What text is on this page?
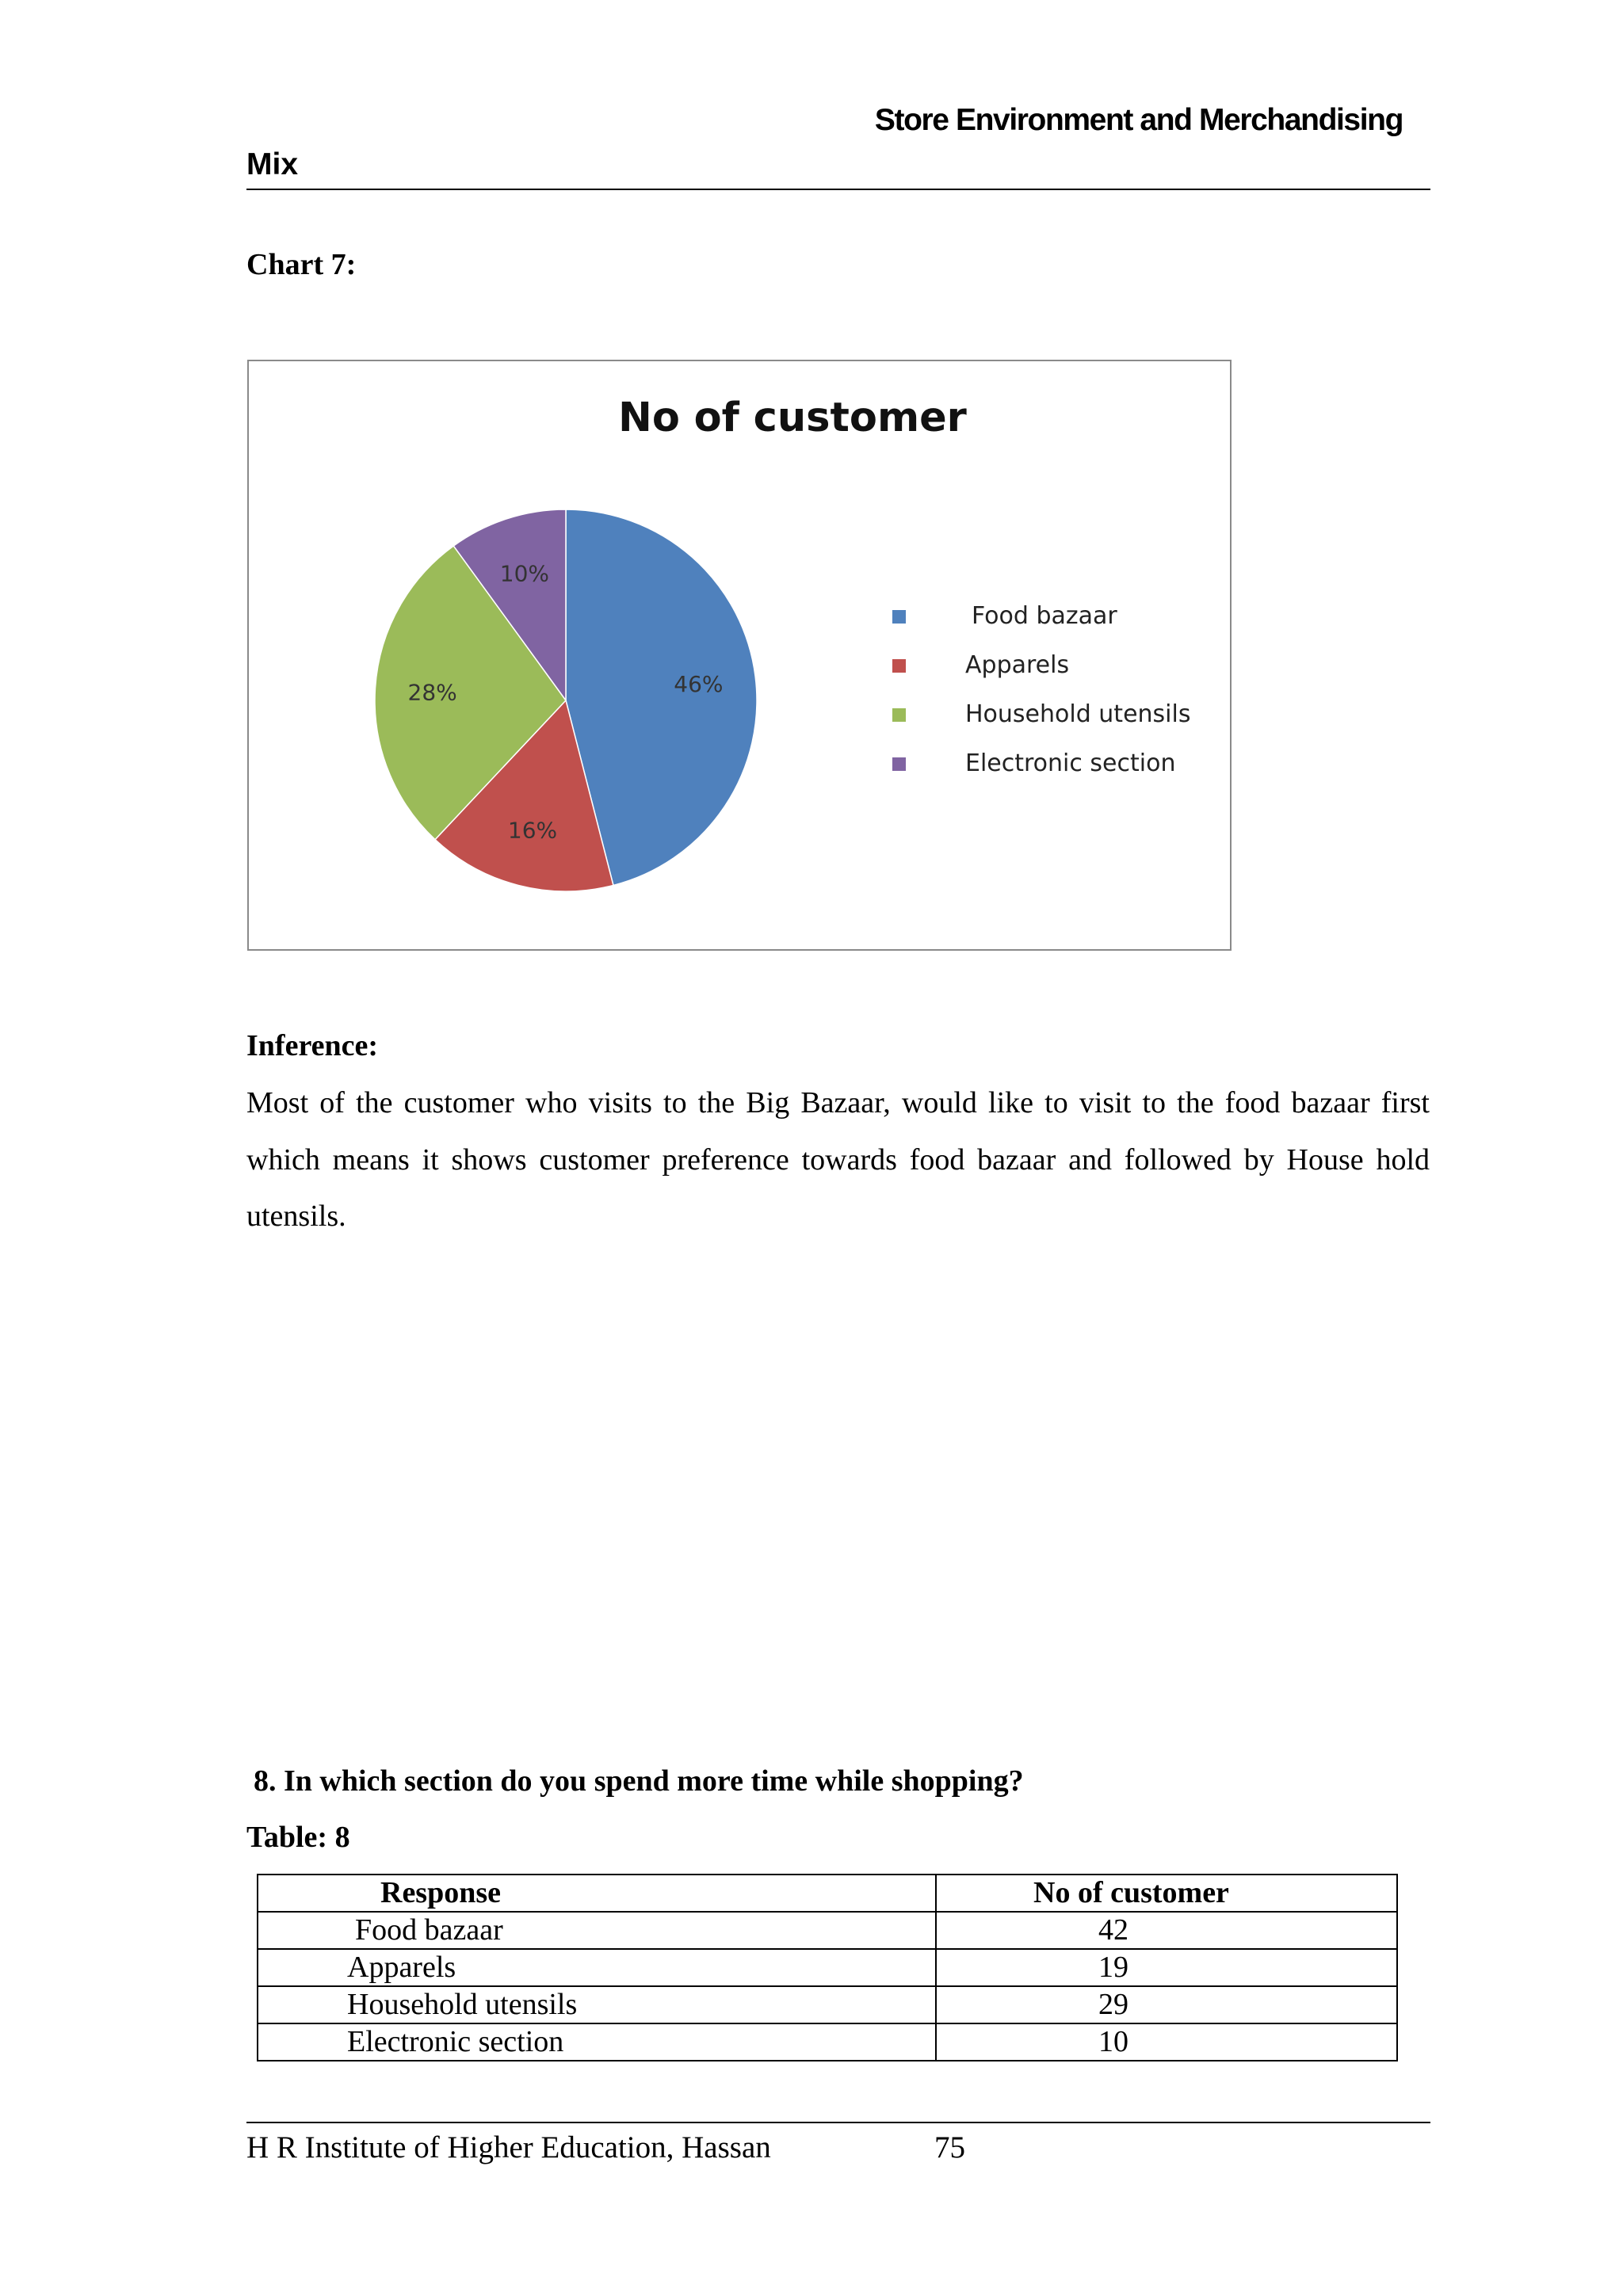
Store Environment and Merchandising
Mix
Chart 7:
46%
16%
28%
10%
No of customer
Food bazaar
Apparels
Household utensils
Electronic section
Inference:
Most of the customer who visits to the Big Bazaar, would like to visit to the food bazaar first which means it shows customer preference towards food bazaar and followed by House hold utensils.
8. In which section do you spend more time while shopping?
Table: 8
Response	No of customer
Food bazaar	42
Apparels	19
Household utensils	29
Electronic section	10
H R Institute of Higher Education, Hassan	75
